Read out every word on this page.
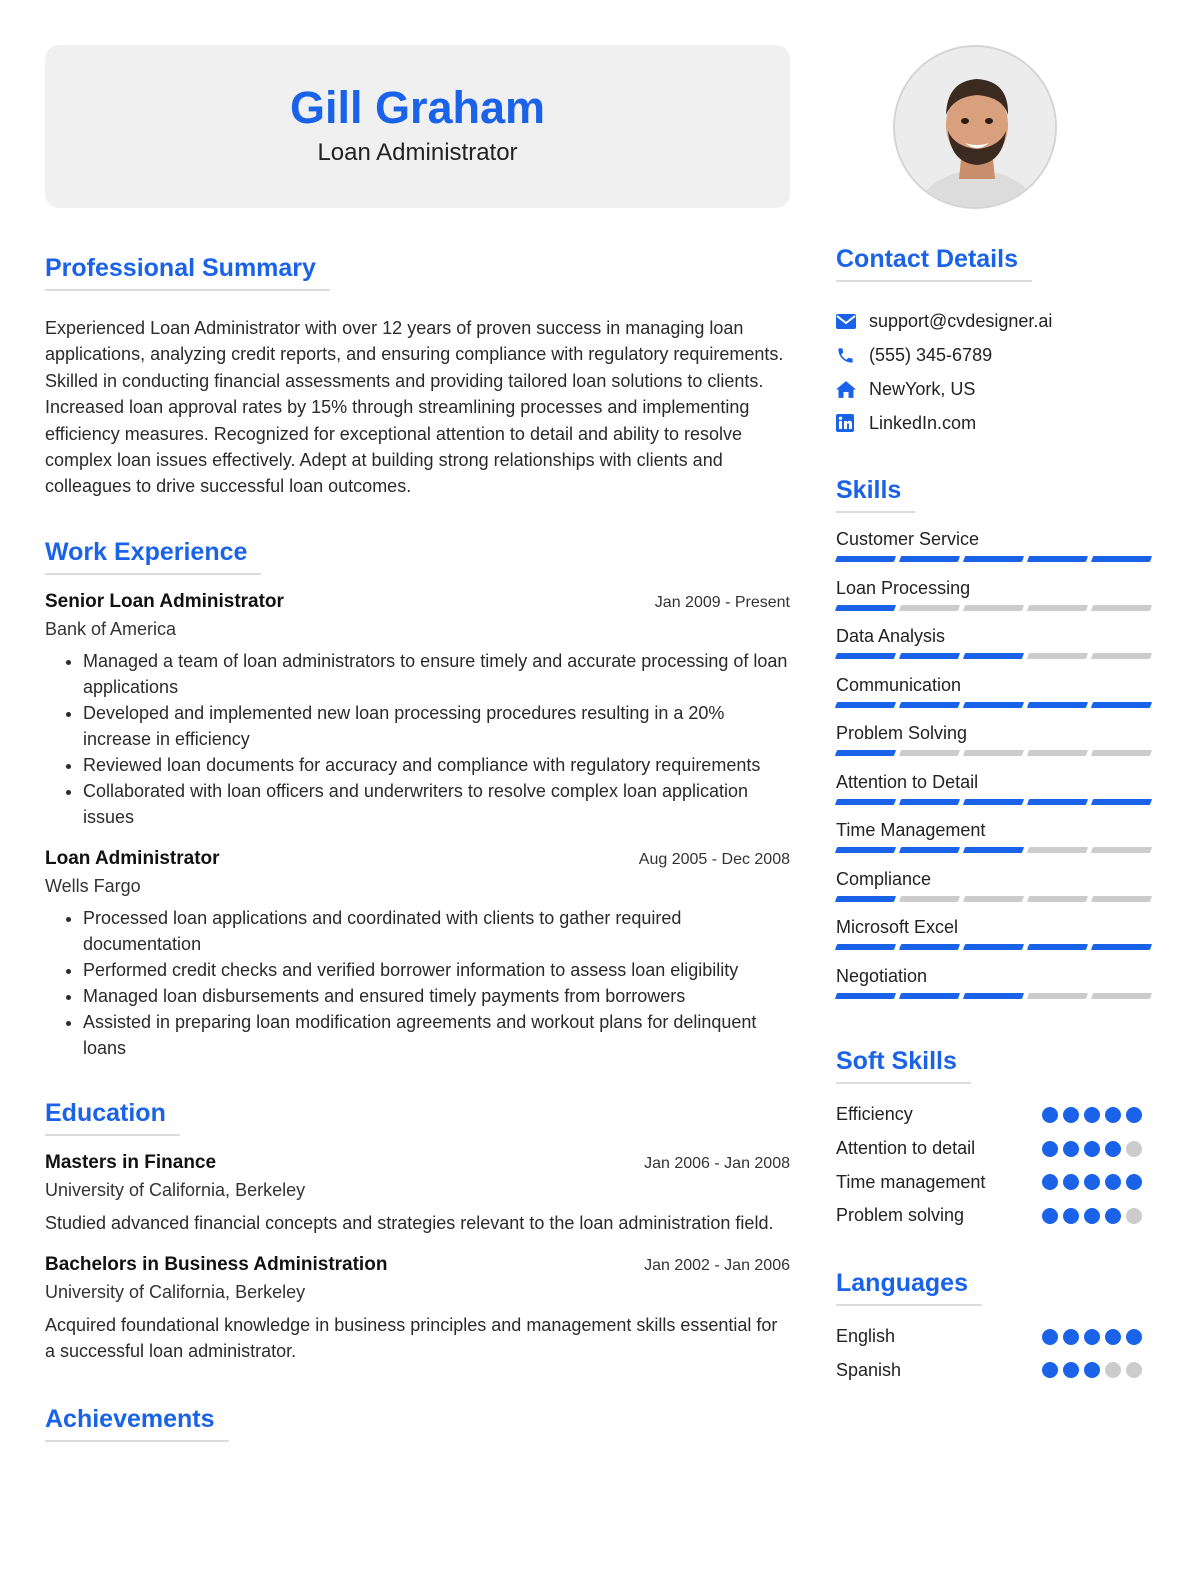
Gill Graham
Loan Administrator
Professional Summary

Experienced Loan Administrator with over 12 years of proven success in managing loan applications, analyzing credit reports, and ensuring compliance with regulatory requirements. Skilled in conducting financial assessments and providing tailored loan solutions to clients. Increased loan approval rates by 15% through streamlining processes and implementing efficiency measures. Recognized for exceptional attention to detail and ability to resolve complex loan issues effectively. Adept at building strong relationships with clients and colleagues to drive successful loan outcomes.

Work Experience
Senior Loan Administrator	Jan 2009 - Present
Bank of America
• Managed a team of loan administrators to ensure timely and accurate processing of loan applications
• Developed and implemented new loan processing procedures resulting in a 20% increase in efficiency
• Reviewed loan documents for accuracy and compliance with regulatory requirements
• Collaborated with loan officers and underwriters to resolve complex loan application issues
Loan Administrator	Aug 2005 - Dec 2008
Wells Fargo
• Processed loan applications and coordinated with clients to gather required documentation
• Performed credit checks and verified borrower information to assess loan eligibility
• Managed loan disbursements and ensured timely payments from borrowers
• Assisted in preparing loan modification agreements and workout plans for delinquent loans
Education
Masters in Finance	Jan 2006 - Jan 2008
University of California, Berkeley

Studied advanced financial concepts and strategies relevant to the loan administration field.

Bachelors in Business Administration	Jan 2002 - Jan 2006
University of California, Berkeley

Acquired foundational knowledge in business principles and management skills essential for a successful loan administrator.

Achievements
Contact Details
support@cvdesigner.ai
(555) 345-6789
NewYork, US
LinkedIn.com
Skills
Customer Service
Loan Processing
Data Analysis
Communication
Problem Solving
Attention to Detail
Time Management
Compliance
Microsoft Excel
Negotiation
Soft Skills
Efficiency
Attention to detail
Time management
Problem solving
Languages
English
Spanish
